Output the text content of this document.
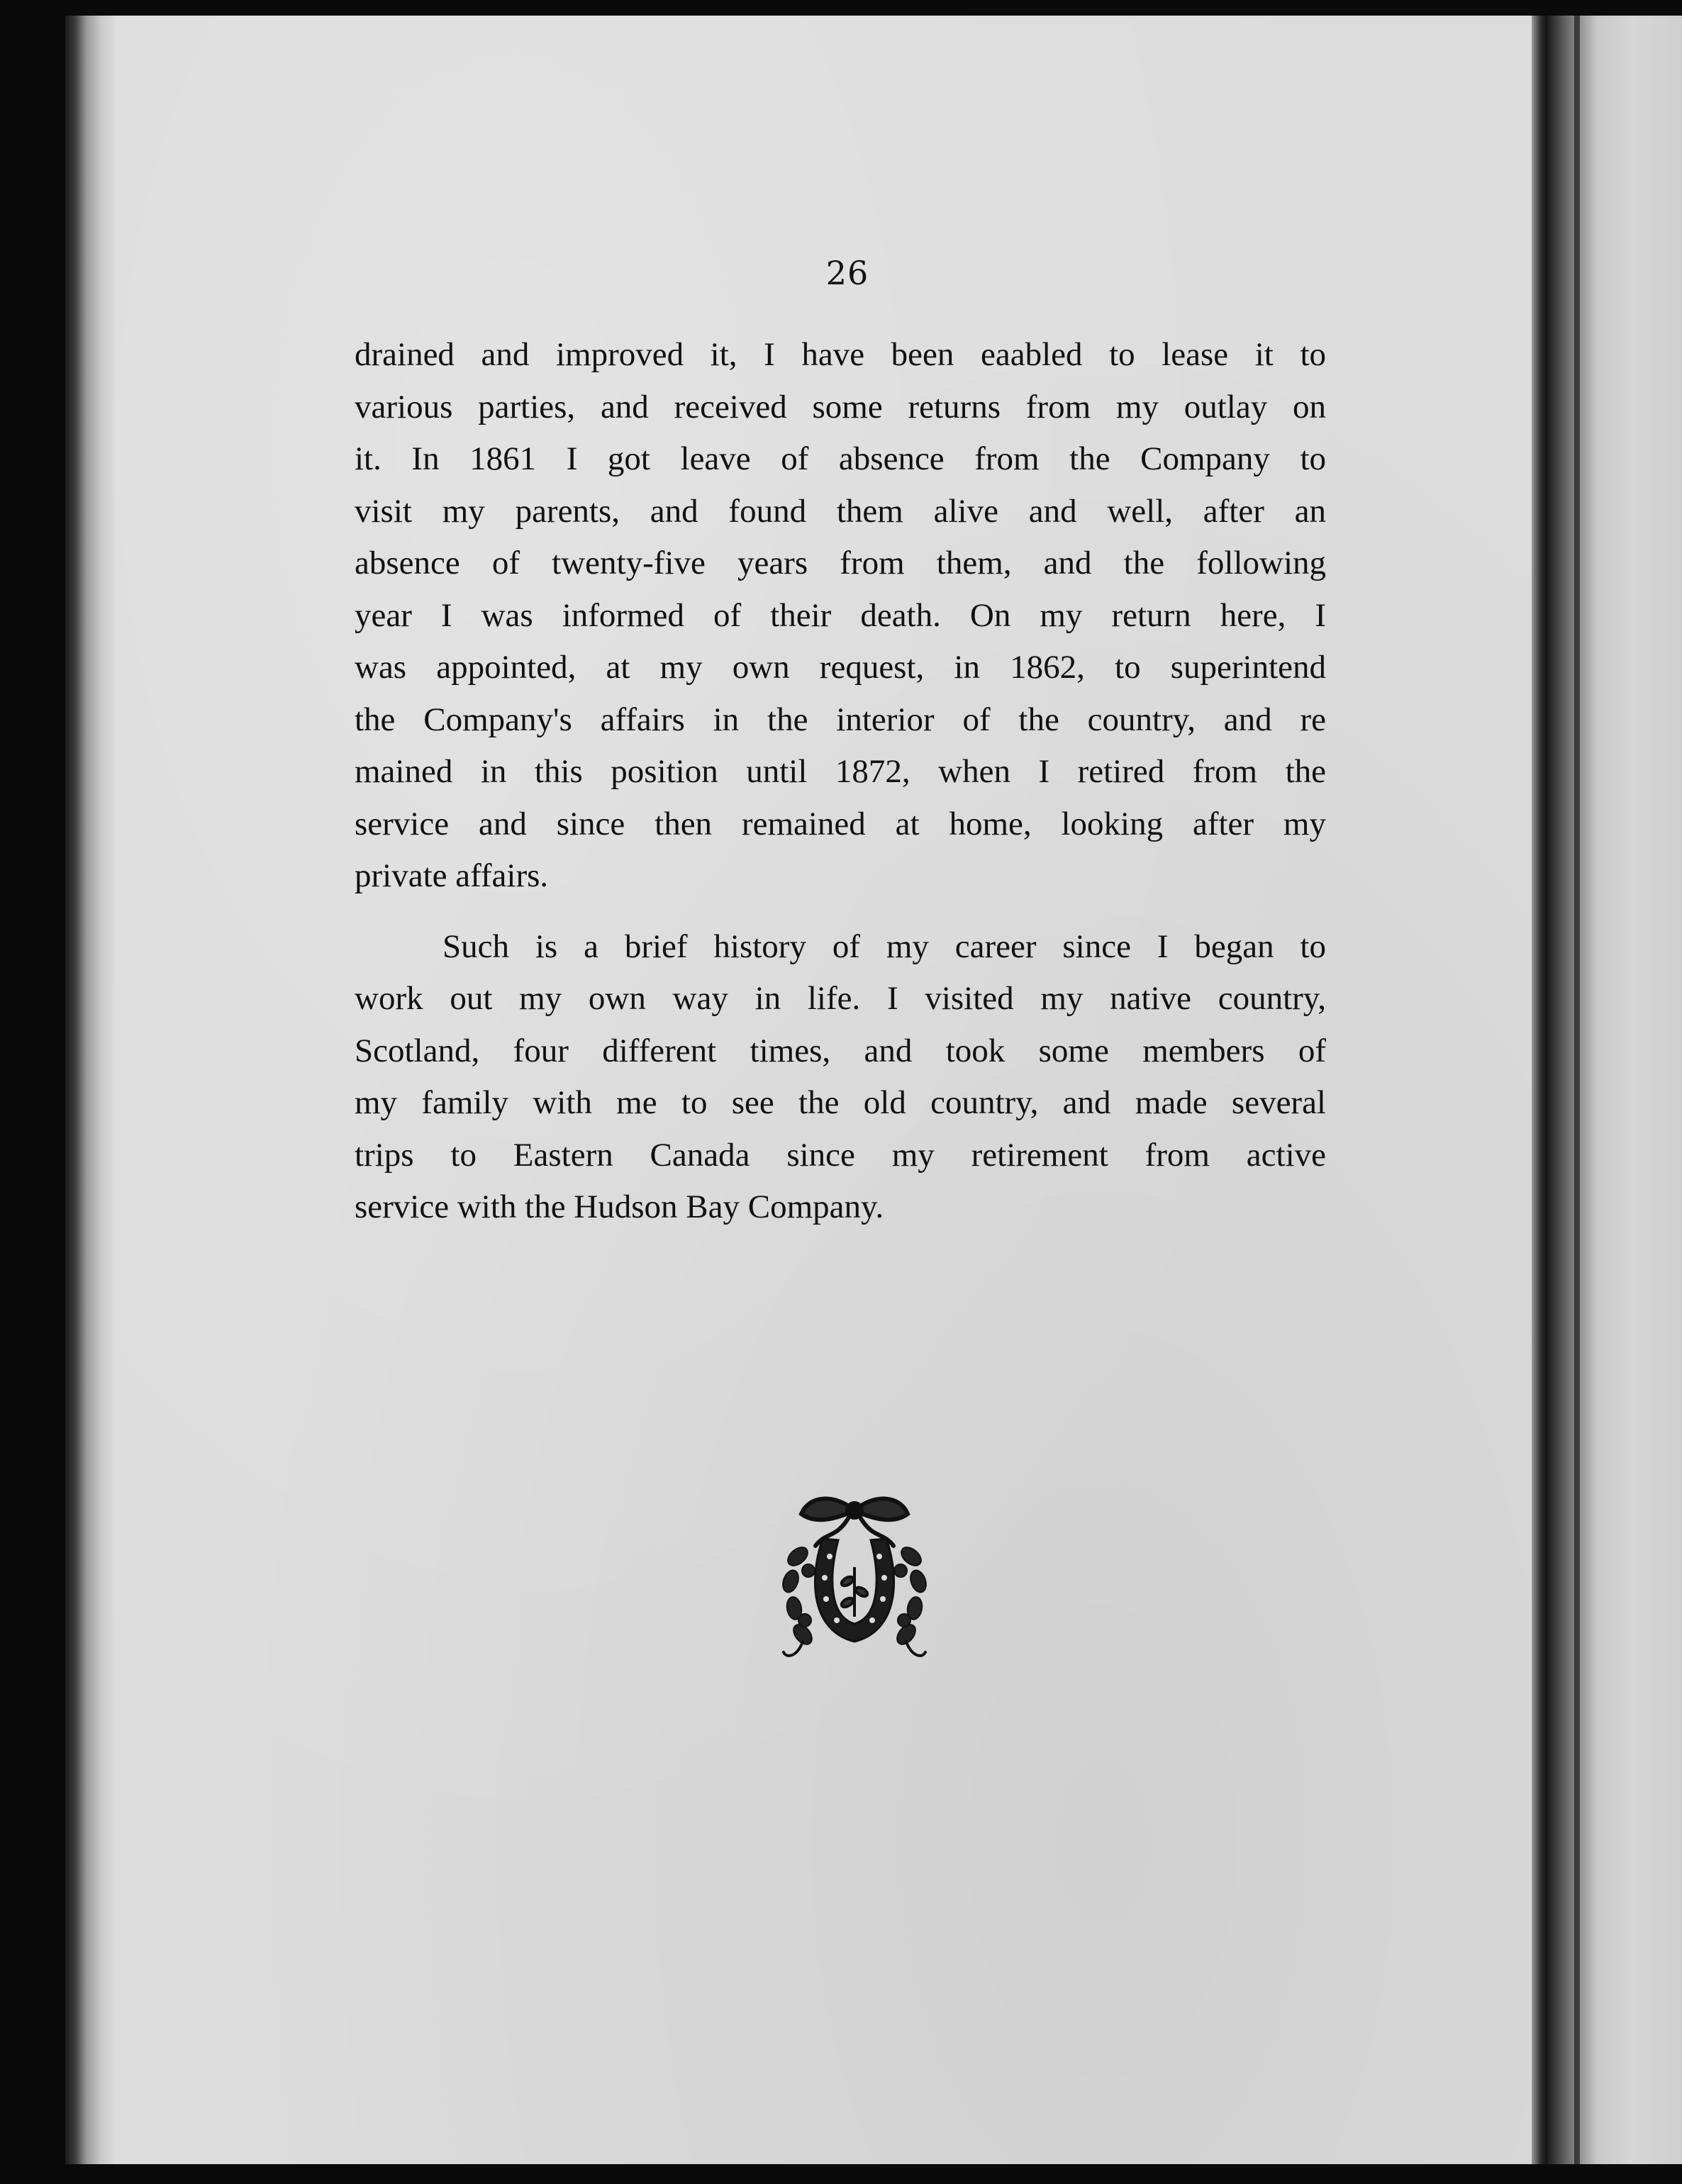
26
drained and improved it, I have been eaabled to lease it to
various parties, and received some returns from my outlay on
it. In 1861 I got leave of absence from the Company to
visit my parents, and found them alive and well, after an
absence of twenty-five years from them, and the following
year I was informed of their death. On my return here, I
was appointed, at my own request, in 1862, to superintend
the Company's affairs in the interior of the country, and re
mained in this position until 1872, when I retired from the
service and since then remained at home, looking after my
private affairs.
Such is a brief history of my career since I began to
work out my own way in life. I visited my native country,
Scotland, four different times, and took some members of
my family with me to see the old country, and made several
trips to Eastern Canada since my retirement from active
service with the Hudson Bay Company.
